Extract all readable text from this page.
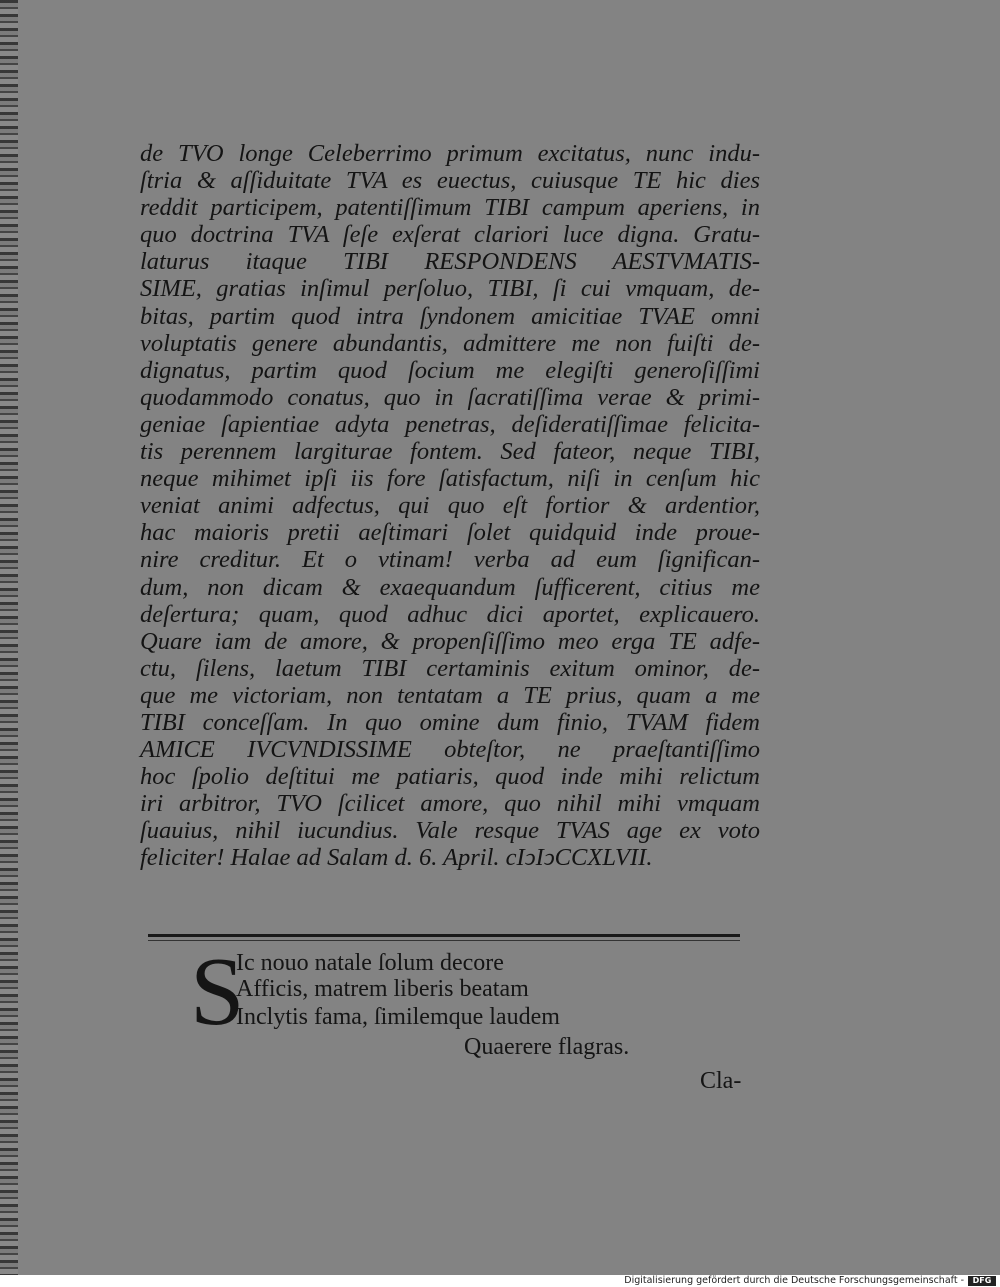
de TVO longe Celeberrimo primum excitatus, nunc indu-
ſtria & aſſiduitate TVA es euectus, cuiusque TE hic dies
reddit participem, patentiſſimum TIBI campum aperiens, in
quo doctrina TVA ſeſe exſerat clariori luce digna. Gratu-
laturus itaque TIBI RESPONDENS AESTVMATIS-
SIME, gratias inſimul perſoluo, TIBI, ſi cui vmquam, de-
bitas, partim quod intra ſyndonem amicitiae TVAE omni
voluptatis genere abundantis, admittere me non fuiſti de-
dignatus, partim quod ſocium me elegiſti generoſiſſimi
quodammodo conatus, quo in ſacratiſſima verae & primi-
geniae ſapientiae adyta penetras, deſideratiſſimae felicita-
tis perennem largiturae fontem. Sed fateor, neque TIBI,
neque mihimet ipſi iis fore ſatisfactum, niſi in cenſum hic
veniat animi adfectus, qui quo eſt fortior & ardentior,
hac maioris pretii aeſtimari ſolet quidquid inde proue-
nire creditur. Et o vtinam! verba ad eum ſignifican-
dum, non dicam & exaequandum ſufficerent, citius me
deſertura; quam, quod adhuc dici aportet, explicauero.
Quare iam de amore, & propenſiſſimo meo erga TE adfe-
ctu, ſilens, laetum TIBI certaminis exitum ominor, de-
que me victoriam, non tentatam a TE prius, quam a me
TIBI conceſſam. In quo omine dum finio, TVAM fidem
AMICE IVCVNDISSIME obteſtor, ne praeſtantiſſimo
hoc ſpolio deſtitui me patiaris, quod inde mihi relictum
iri arbitror, TVO ſcilicet amore, quo nihil mihi vmquam
ſuauius, nihil iucundius. Vale resque TVAS age ex voto
feliciter! Halae ad Salam d. 6. April. cIↄIↄCCXLVII.
S
Ic nouo natale ſolum decore
Afficis, matrem liberis beatam
Inclytis fama, ſimilemque laudem
Quaerere flagras.
Cla-
Digitalisierung gefördert durch die Deutsche Forschungsgemeinschaft -	DFG
